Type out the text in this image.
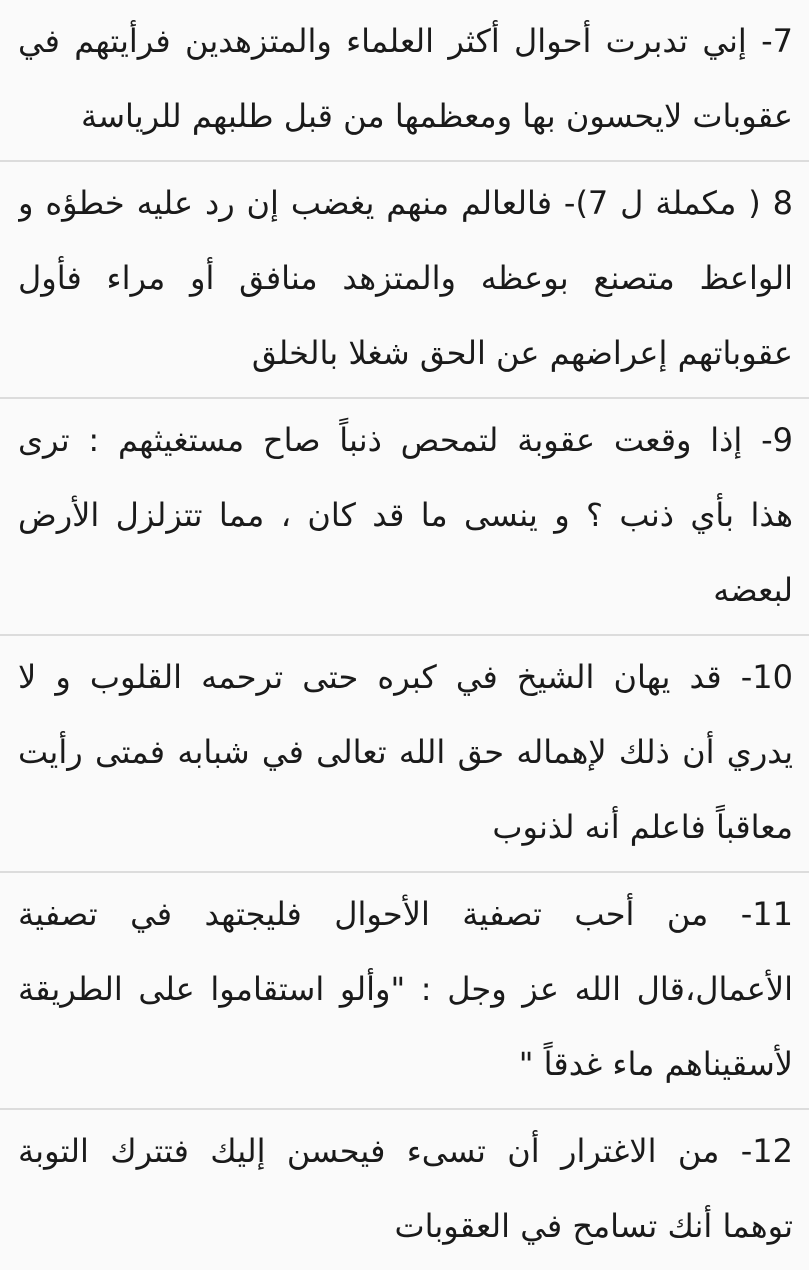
7- إني تدبرت أحوال أكثر العلماء والمتزهدين فرأيتهم في
عقوبات لايحسون بها ومعظمها من قبل طلبهم للرياسة
8 ( مكملة ل 7)- فالعالم منهم يغضب إن رد عليه خطؤه و
الواعظ متصنع بوعظه والمتزهد منافق أو مراء فأول
عقوباتهم إعراضهم عن الحق شغلا بالخلق
9- إذا وقعت عقوبة لتمحص ذنباً صاح مستغيثهم : ترى
هذا بأي ذنب ؟ و ينسى ما قد كان ، مما تتزلزل الأرض
لبعضه
10- قد يهان الشيخ في كبره حتى ترحمه القلوب و لا
يدري أن ذلك لإهماله حق الله تعالى في شبابه فمتى رأيت
معاقباً فاعلم أنه لذنوب
11- من أحب تصفية الأحوال فليجتهد في تصفية
الأعمال،قال الله عز وجل : "وألو استقاموا على الطريقة
لأسقيناهم ماء غدقاً "
12- من الاغترار أن تسىء فيحسن إليك فتترك التوبة
توهما أنك تسامح في العقوبات
